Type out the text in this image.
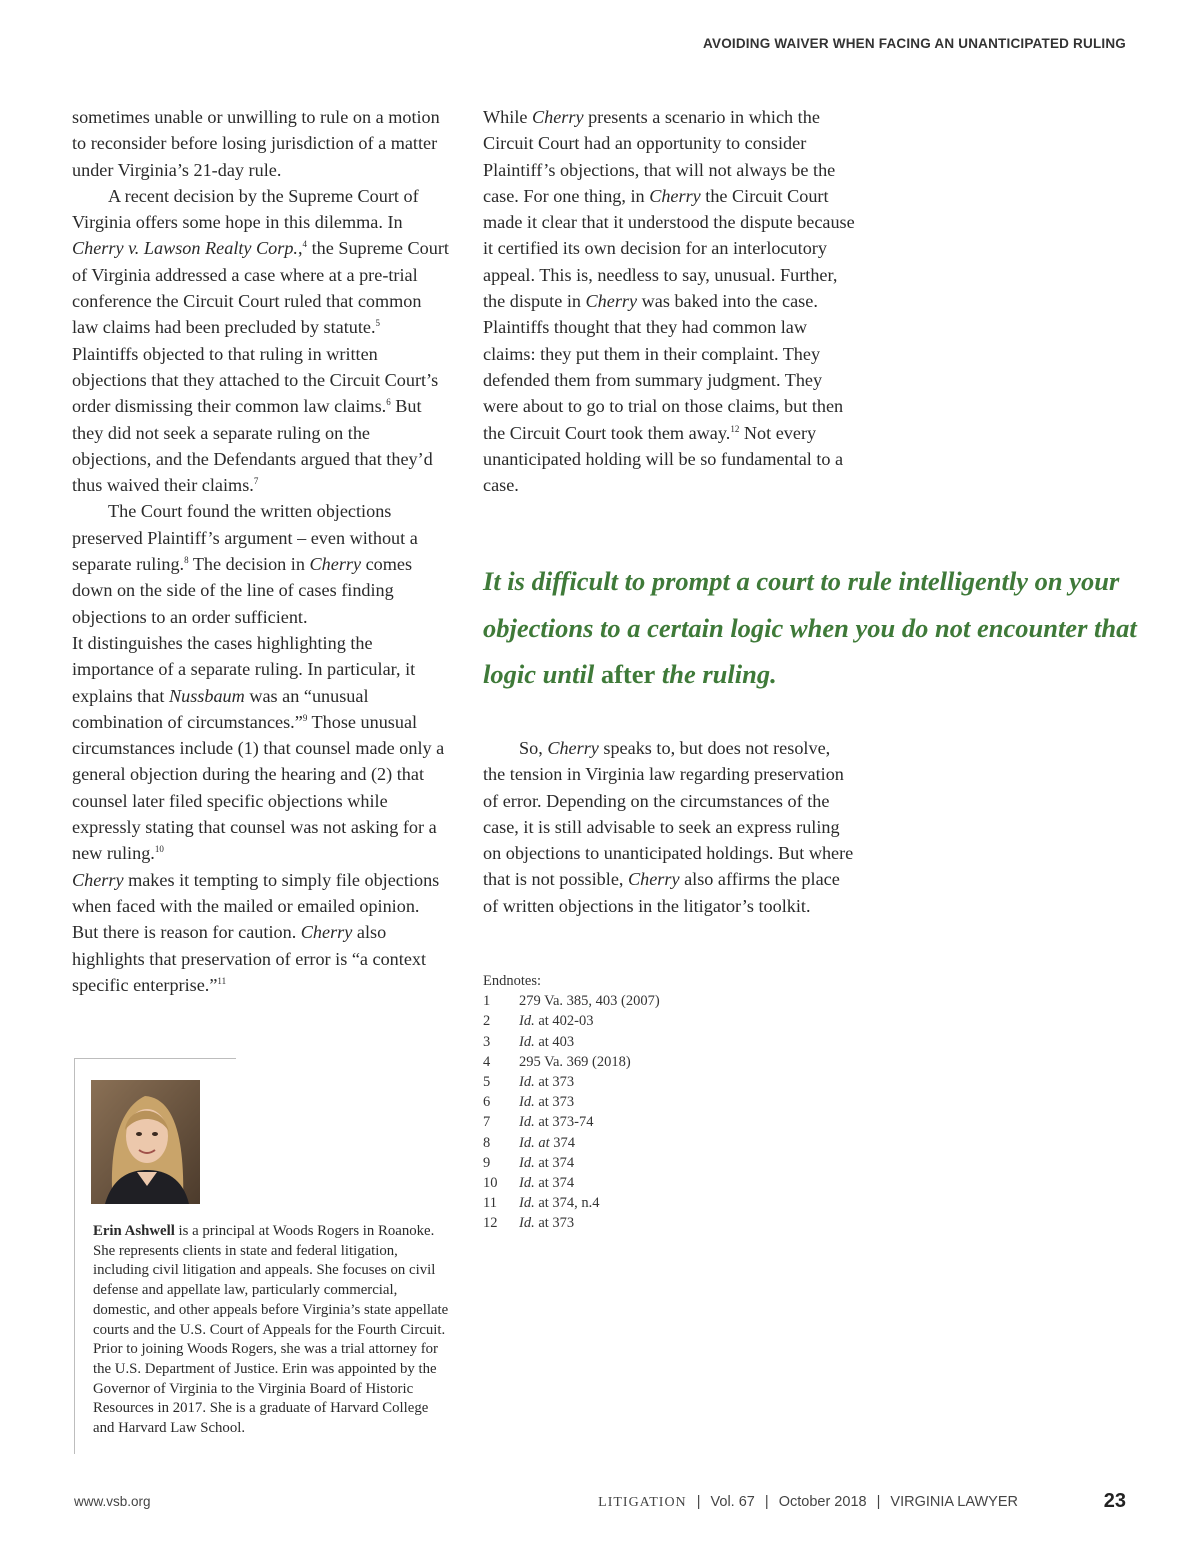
AVOIDING WAIVER WHEN FACING AN UNANTICIPATED RULING

sometimes unable or unwilling to rule on a motion to reconsider before losing jurisdiction of a matter under Virginia’s 21-day rule.

A recent decision by the Supreme Court of Virginia offers some hope in this dilemma. In Cherry v. Lawson Realty Corp.,$^4$ the Supreme Court of Virginia addressed a case where at a pre-trial conference the Circuit Court ruled that common law claims had been precluded by statute.$^5$ Plaintiffs objected to that ruling in written objections that they attached to the Circuit Court’s order dismissing their common law claims.$^6$ But they did not seek a separate ruling on the objections, and the Defendants argued that they’d thus waived their claims.$^7$

The Court found the written objections preserved Plaintiff’s argument – even without a separate ruling.$^8$ The decision in Cherry comes down on the side of the line of cases finding objections to an order sufficient.

It distinguishes the cases highlighting the importance of a separate ruling. In particular, it explains that Nussbaum was an “unusual combination of circumstances.”$^9$ Those unusual circumstances include (1) that counsel made only a general objection during the hearing and (2) that counsel later filed specific objections while expressly stating that counsel was not asking for a new ruling.$^{10}$

Cherry makes it tempting to simply file objections when faced with the mailed or emailed opinion. But there is reason for caution. Cherry also highlights that preservation of error is “a context specific enterprise.”$^{11}$

While Cherry presents a scenario in which the Circuit Court had an opportunity to consider Plaintiff’s objections, that will not always be the case. For one thing, in Cherry the Circuit Court made it clear that it understood the dispute because it certified its own decision for an interlocutory appeal. This is, needless to say, unusual. Further, the dispute in Cherry was baked into the case. Plaintiffs thought that they had common law claims: they put them in their complaint. They defended them from summary judgment. They were about to go to trial on those claims, but then the Circuit Court took them away.$^{12}$ Not every unanticipated holding will be so fundamental to a case.

It is difficult to prompt a court to rule intelligently on your objections to a certain logic when you do not encounter that logic until after the ruling.

So, Cherry speaks to, but does not resolve, the tension in Virginia law regarding preservation of error. Depending on the circumstances of the case, it is still advisable to seek an express ruling on objections to unanticipated holdings. But where that is not possible, Cherry also affirms the place of written objections in the litigator’s toolkit.

Erin Ashwell is a principal at Woods Rogers in Roanoke. She represents clients in state and federal litigation, including civil litigation and appeals. She focuses on civil defense and appellate law, particularly commercial, domestic, and other appeals before Virginia’s state appellate courts and the U.S. Court of Appeals for the Fourth Circuit. Prior to joining Woods Rogers, she was a trial attorney for the U.S. Department of Justice. Erin was appointed by the Governor of Virginia to the Virginia Board of Historic Resources in 2017. She is a graduate of Harvard College and Harvard Law School.
Endnotes:
1	279 Va. 385, 403 (2007)
2	Id. at 402-03
3	Id. at 403
4	295 Va. 369 (2018)
5	Id. at 373
6	Id. at 373
7	Id. at 373-74
8	Id. at 374
9	Id. at 374
10	Id. at 374
11	Id. at 374, n.4
12	Id. at 373
www.vsb.org	LITIGATION | Vol. 67 | October 2018 | VIRGINIA LAWYER	23
